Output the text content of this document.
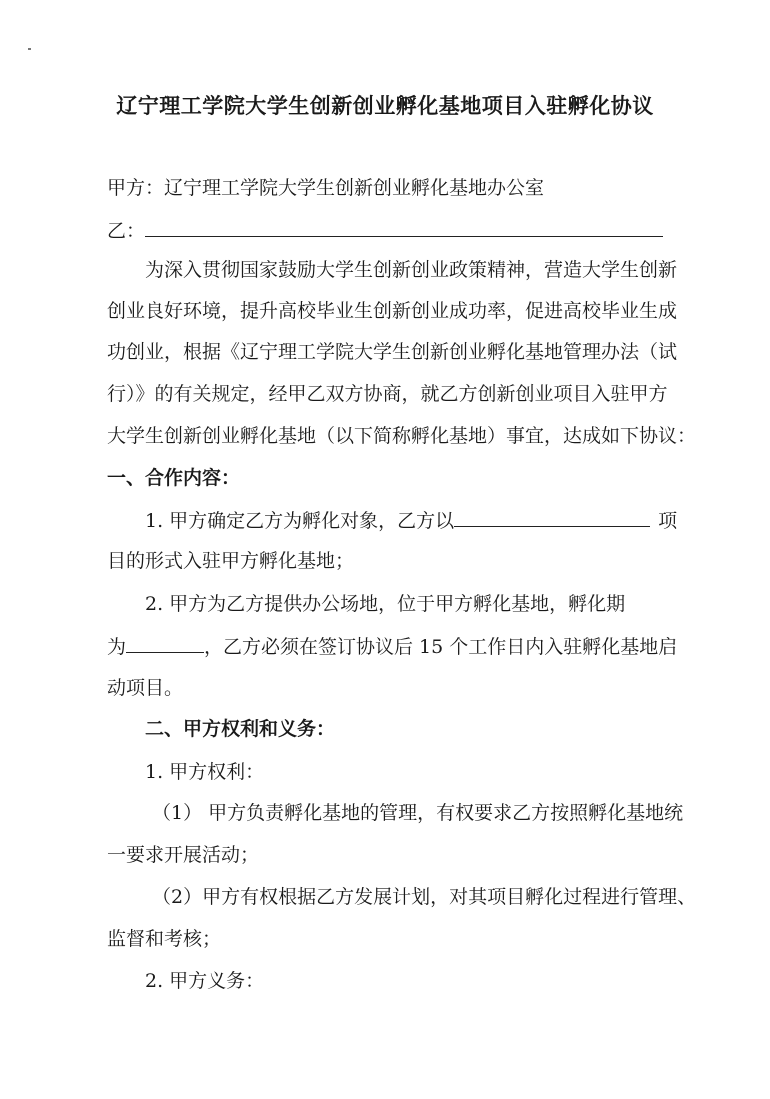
辽宁理工学院大学生创新创业孵化基地项目入驻孵化协议
甲方：辽宁理工学院大学生创新创业孵化基地办公室
乙：
为深入贯彻国家鼓励大学生创新创业政策精神，营造大学生创新
创业良好环境，提升高校毕业生创新创业成功率，促进高校毕业生成
功创业，根据《辽宁理工学院大学生创新创业孵化基地管理办法（试
行）》的有关规定，经甲乙双方协商，就乙方创新创业项目入驻甲方
大学生创新创业孵化基地（以下简称孵化基地）事宜，达成如下协议：
一、合作内容：
1. 甲方确定乙方为孵化对象，乙方以	项
目的形式入驻甲方孵化基地；
2. 甲方为乙方提供办公场地，位于甲方孵化基地，孵化期
为	，乙方必须在签订协议后 15 个工作日内入驻孵化基地启
动项目。
二、甲方权利和义务：
1. 甲方权利：
（1） 甲方负责孵化基地的管理，有权要求乙方按照孵化基地统
一要求开展活动；
（2）甲方有权根据乙方发展计划，对其项目孵化过程进行管理、
监督和考核；
2. 甲方义务：
